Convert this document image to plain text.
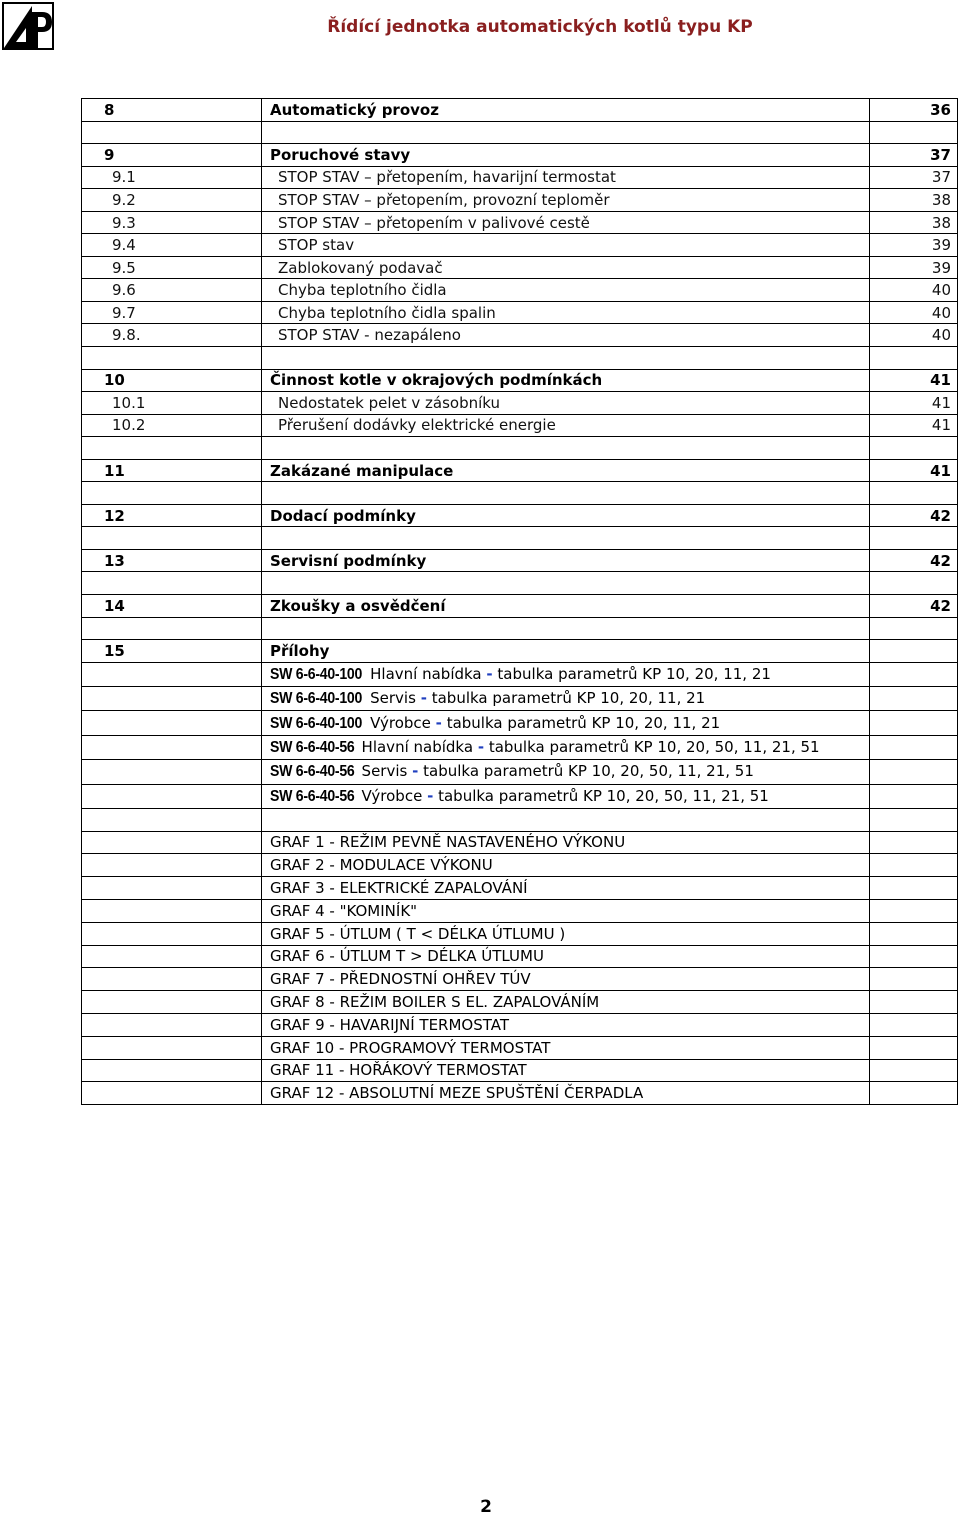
Řídící jednotka automatických kotlů typu KP
8	Automatický provoz	36

9	Poruchové stavy	37
9.1	STOP STAV – přetopením, havarijní termostat	37
9.2	STOP STAV – přetopením, provozní teploměr	38
9.3	STOP STAV – přetopením v palivové cestě	38
9.4	STOP stav	39
9.5	Zablokovaný podavač	39
9.6	Chyba teplotního čidla	40
9.7	Chyba teplotního čidla spalin	40
9.8.	STOP STAV - nezapáleno	40

10	Činnost kotle v okrajových podmínkách	41
10.1	Nedostatek pelet v zásobníku	41
10.2	Přerušení dodávky elektrické energie	41

11	Zakázané manipulace	41

12	Dodací podmínky	42

13	Servisní podmínky	42

14	Zkoušky a osvědčení	42

15	Přílohy	
	SW 6-6-40-100 Hlavní nabídka - tabulka parametrů KP 10, 20, 11, 21	
	SW 6-6-40-100 Servis - tabulka parametrů KP 10, 20, 11, 21	
	SW 6-6-40-100 Výrobce - tabulka parametrů KP 10, 20, 11, 21	
	SW 6-6-40-56 Hlavní nabídka - tabulka parametrů KP 10, 20, 50, 11, 21, 51	
	SW 6-6-40-56 Servis - tabulka parametrů KP 10, 20, 50, 11, 21, 51	
	SW 6-6-40-56 Výrobce - tabulka parametrů KP 10, 20, 50, 11, 21, 51	

	GRAF 1 - REŽIM PEVNĚ NASTAVENÉHO VÝKONU	
	GRAF 2 - MODULACE VÝKONU	
	GRAF 3 - ELEKTRICKÉ ZAPALOVÁNÍ	
	GRAF 4 - "KOMINÍK"	
	GRAF 5 - ÚTLUM ( T < DÉLKA ÚTLUMU )	
	GRAF 6 - ÚTLUM T > DÉLKA ÚTLUMU	
	GRAF 7 - PŘEDNOSTNÍ OHŘEV TÚV	
	GRAF 8 - REŽIM BOILER S EL. ZAPALOVÁNÍM	
	GRAF 9 - HAVARIJNÍ TERMOSTAT	
	GRAF 10 - PROGRAMOVÝ TERMOSTAT	
	GRAF 11 - HOŘÁKOVÝ TERMOSTAT	
	GRAF 12 - ABSOLUTNÍ MEZE SPUŠTĚNÍ ČERPADLA	
2
